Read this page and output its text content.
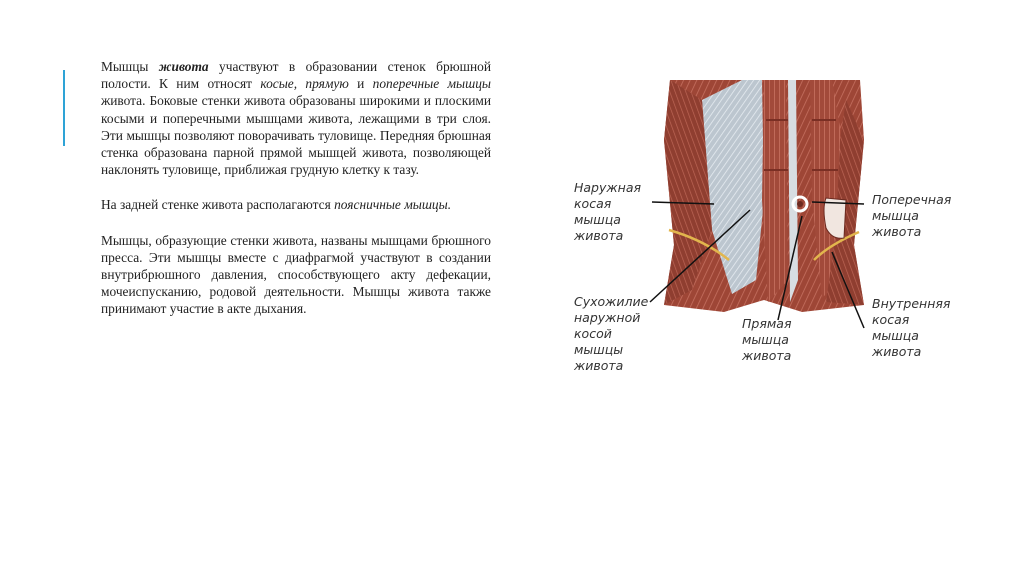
Мышцы живота участвуют в образовании стенок брюшной полости. К ним относят косые, прямую и поперечные мышцы живота. Боковые стенки живота образованы широкими и плоскими косыми и поперечными мышцами живота, лежащими в три слоя. Эти мышцы позволяют поворачивать туловище. Передняя брюшная стенка образована парной прямой мышцей живота, позволяющей наклонять туловище, приближая грудную клетку к тазу.

На задней стенке живота располагаются поясничные мышцы.

Мышцы, образующие стенки живота, названы мышцами брюшного пресса. Эти мышцы вместе с диафрагмой участвуют в создании внутрибрюшного давления, способствующего акту дефекации, мочеиспусканию, родовой деятельности. Мышцы живота также принимают участие в акте дыхания.

Наружная косая мышца живота
Поперечная мышца живота
Сухожилие наружной косой мышцы живота
Прямая мышца живота
Внутренняя косая мышца живота
